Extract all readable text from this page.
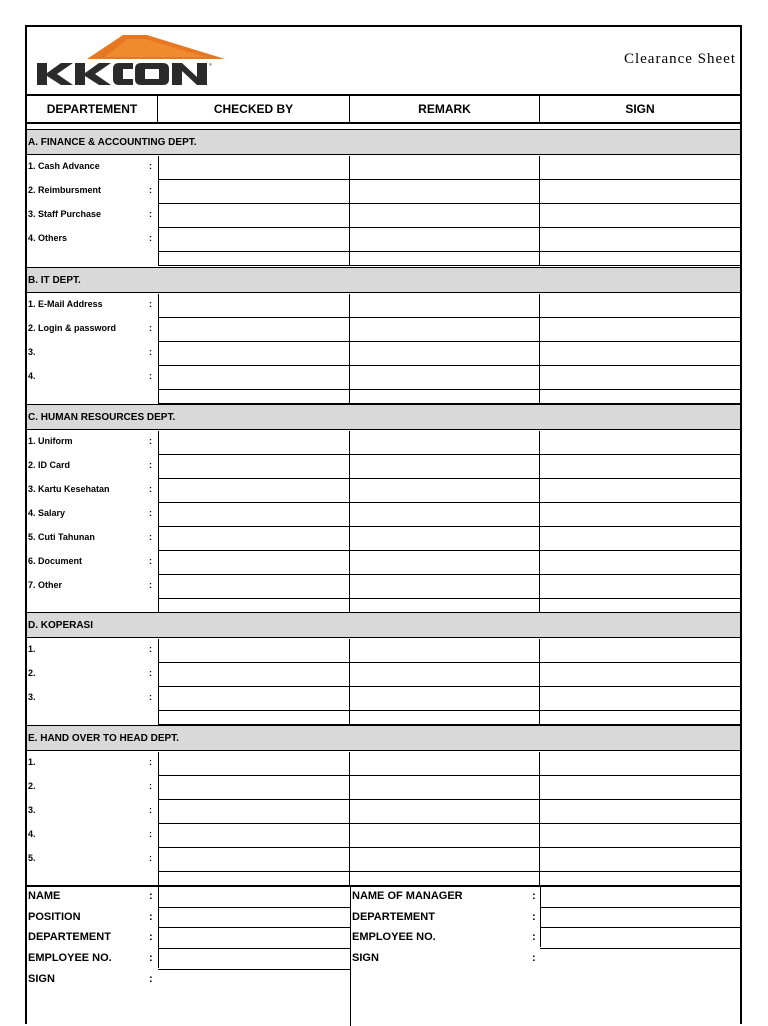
®	Clearance Sheet
DEPARTEMENT	CHECKED BY	REMARK	SIGN
A. FINANCE & ACCOUNTING DEPT.
1. Cash Advance	:
2. Reimbursment	:
3. Staff Purchase	:
4. Others	:
B. IT DEPT.
1. E-Mail Address	:
2. Login & password	:
3.	:
4.	:
C. HUMAN RESOURCES DEPT.
1. Uniform	:
2. ID Card	:
3. Kartu Kesehatan	:
4. Salary	:
5. Cuti Tahunan	:
6. Document	:
7. Other	:
D. KOPERASI
1.	:
2.	:
3.	:
E. HAND OVER TO HEAD DEPT.
1.	:
2.	:
3.	:
4.	:
5.	:
NAME	:
POSITION	:
DEPARTEMENT	:
EMPLOYEE NO.	:
SIGN	:
NAME OF MANAGER	:
DEPARTEMENT	:
EMPLOYEE NO.	:
SIGN	:
